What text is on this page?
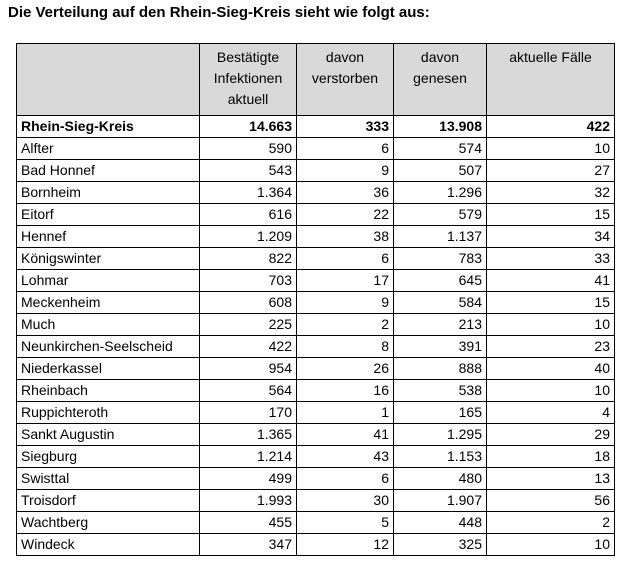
Die Verteilung auf den Rhein-Sieg-Kreis sieht wie folgt aus:
	Bestätigte Infektionen aktuell	davon verstorben	davon genesen	aktuelle Fälle
Rhein-Sieg-Kreis	14.663	333	13.908	422
Alfter	590	6	574	10
Bad Honnef	543	9	507	27
Bornheim	1.364	36	1.296	32
Eitorf	616	22	579	15
Hennef	1.209	38	1.137	34
Königswinter	822	6	783	33
Lohmar	703	17	645	41
Meckenheim	608	9	584	15
Much	225	2	213	10
Neunkirchen-Seelscheid	422	8	391	23
Niederkassel	954	26	888	40
Rheinbach	564	16	538	10
Ruppichteroth	170	1	165	4
Sankt Augustin	1.365	41	1.295	29
Siegburg	1.214	43	1.153	18
Swisttal	499	6	480	13
Troisdorf	1.993	30	1.907	56
Wachtberg	455	5	448	2
Windeck	347	12	325	10
